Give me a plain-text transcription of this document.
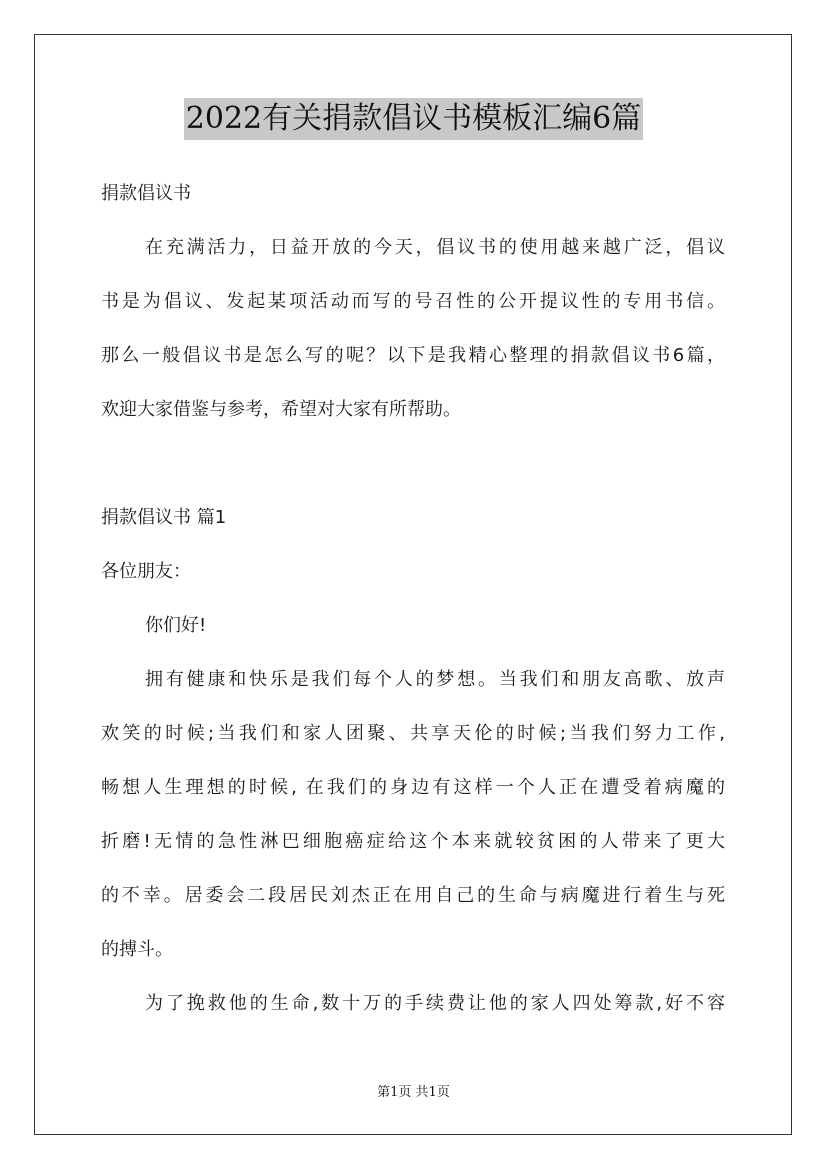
2022有关捐款倡议书模板汇编6篇
捐款倡议书
在充满活力，日益开放的今天，倡议书的使用越来越广泛，倡议
书是为倡议、发起某项活动而写的号召性的公开提议性的专用书信。
那么一般倡议书是怎么写的呢？以下是我精心整理的捐款倡议书6篇，
欢迎大家借鉴与参考，希望对大家有所帮助。
捐款倡议书 篇1
各位朋友：
你们好!
拥有健康和快乐是我们每个人的梦想。当我们和朋友高歌、放声
欢笑的时候;当我们和家人团聚、共享天伦的时候;当我们努力工作,
畅想人生理想的时候, 在我们的身边有这样一个人正在遭受着病魔的
折磨!无情的急性淋巴细胞癌症给这个本来就较贫困的人带来了更大
的不幸。居委会二段居民刘杰正在用自己的生命与病魔进行着生与死
的搏斗。
为了挽救他的生命,数十万的手续费让他的家人四处筹款,好不容
第1页 共1页
